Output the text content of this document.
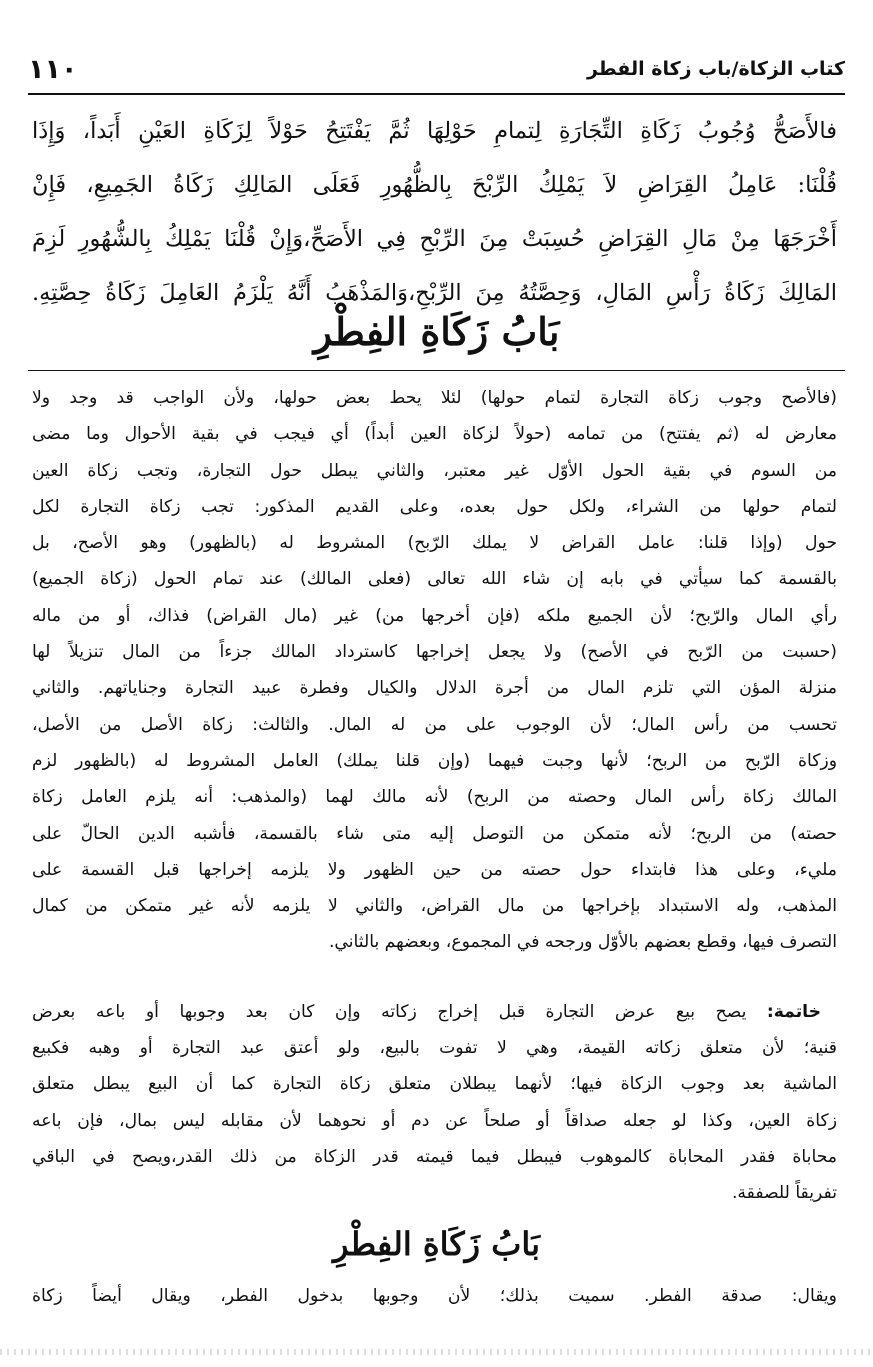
كتاب الزكاة/باب زكاة الفطر
١١٠
فالأَصَحُّ وُجُوبُ زَكَاةِ التِّجَارَةِ لِتمامِ حَوْلِهَا ثُمَّ يَفْتَتِحُ حَوْلاً لِزَكَاةِ العَيْنِ أَبَداً، وَإِذَا
قُلْنَا: عَامِلُ القِرَاضِ لاَ يَمْلِكُ الرِّبْحَ بِالظُّهُورِ فَعَلَى المَالِكِ زَكَاةُ الجَمِيعِ، فَإِنْ
أَخْرَجَهَا مِنْ مَالِ القِرَاضِ حُسِبَتْ مِنَ الرِّبْحِ فِي الأَصَحِّ،وَإِنْ قُلْنَا يَمْلِكُ بِالشُّهُورِ لَزِمَ
المَالِكَ زَكَاةُ رَأْسِ المَالِ، وَحِصَّتُهُ مِنَ الرِّبْحِ،وَالمَذْهَبُ أَنَّهُ يَلْزَمُ العَامِلَ زَكَاةُ حِصَّتِهِ.
بَابُ زَكَاةِ الفِطْرِ
(فالأصح وجوب زكاة التجارة لتمام حولها) لئلا يحط بعض حولها، ولأن الواجب قد وجد ولا
معارض له (ثم يفتتح) من تمامه (حولاً لزكاة العين أبداً) أي فيجب في بقية الأحوال وما مضى
من السوم في بقية الحول الأوّل غير معتبر، والثاني يبطل حول التجارة، وتجب زكاة العين
لتمام حولها من الشراء، ولكل حول بعده، وعلى القديم المذكور: تجب زكاة التجارة لكل
حول (وإذا قلنا: عامل القراض لا يملك الرّبح) المشروط له (بالظهور) وهو الأصح، بل
بالقسمة كما سيأتي في بابه إن شاء الله تعالى (فعلى المالك) عند تمام الحول (زكاة الجميع)
رأي المال والرّبح؛ لأن الجميع ملكه (فإن أخرجها من) غير (مال القراض) فذاك، أو من ماله
(حسبت من الرّبح في الأصح) ولا يجعل إخراجها كاسترداد المالك جزءاً من المال تنزيلاً لها
منزلة المؤن التي تلزم المال من أجرة الدلال والكيال وفطرة عبيد التجارة وجناياتهم. والثاني
تحسب من رأس المال؛ لأن الوجوب على من له المال. والثالث: زكاة الأصل من الأصل،
وزكاة الرّبح من الربح؛ لأنها وجبت فيهما (وإن قلنا يملك) العامل المشروط له (بالظهور لزم
المالك زكاة رأس المال وحصته من الربح) لأنه مالك لهما (والمذهب: أنه يلزم العامل زكاة
حصته) من الربح؛ لأنه متمكن من التوصل إليه متى شاء بالقسمة، فأشبه الدين الحالّ على
مليء، وعلى هذا فابتداء حول حصته من حين الظهور ولا يلزمه إخراجها قبل القسمة على
المذهب، وله الاستبداد بإخراجها من مال القراض، والثاني لا يلزمه لأنه غير متمكن من كمال
التصرف فيها، وقطع بعضهم بالأوّل ورجحه في المجموع، وبعضهم بالثاني.
خاتمة: يصح بيع عرض التجارة قبل إخراج زكاته وإن كان بعد وجوبها أو باعه بعرض
قنية؛ لأن متعلق زكاته القيمة، وهي لا تفوت بالبيع، ولو أعتق عبد التجارة أو وهبه فكبيع
الماشية بعد وجوب الزكاة فيها؛ لأنهما يبطلان متعلق زكاة التجارة كما أن البيع يبطل متعلق
زكاة العين، وكذا لو جعله صداقاً أو صلحاً عن دم أو نحوهما لأن مقابله ليس بمال، فإن باعه
محاباة فقدر المحاباة كالموهوب فيبطل فيما قيمته قدر الزكاة من ذلك القدر،ويصح في الباقي
تفريقاً للصفقة.
بَابُ زَكَاةِ الفِطْرِ
ويقال: صدقة الفطر. سميت بذلك؛ لأن وجوبها بدخول الفطر، ويقال أيضاً زكاة
